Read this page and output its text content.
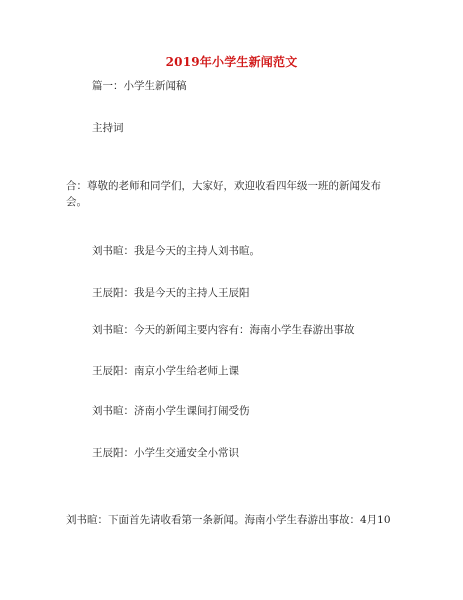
2019年小学生新闻范文
篇一：小学生新闻稿
主持词
合：尊敬的老师和同学们，大家好，欢迎收看四年级一班的新闻发布会。
刘书暄：我是今天的主持人刘书暄。
王辰阳：我是今天的主持人王辰阳
刘书暄：今天的新闻主要内容有：海南小学生春游出事故
王辰阳：南京小学生给老师上课
刘书暄：济南小学生课间打闹受伤
王辰阳：小学生交通安全小常识
刘书暄：下面首先请收看第一条新闻。海南小学生春游出事故：4月10
